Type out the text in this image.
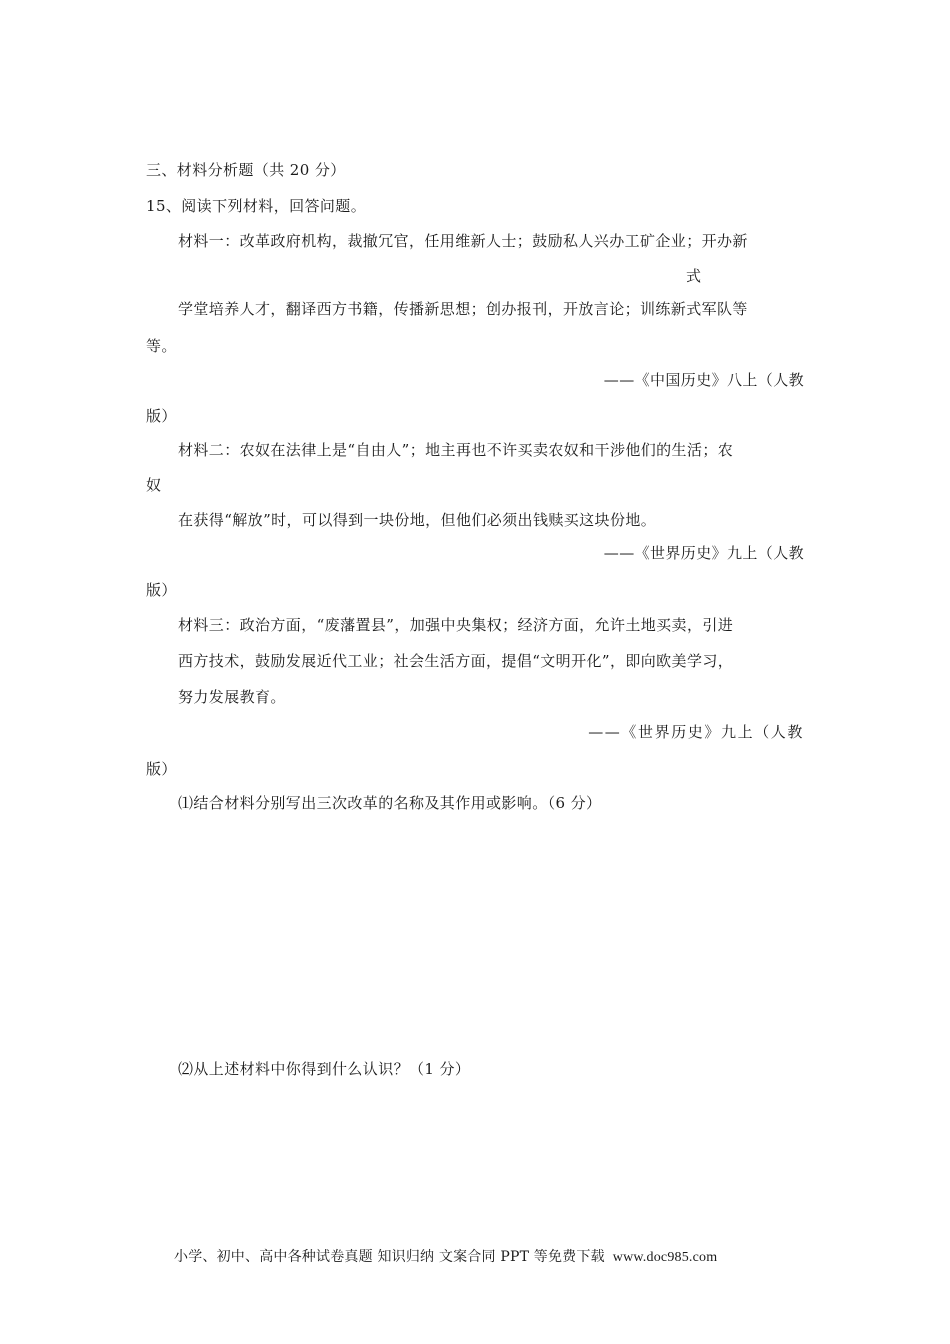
三、材料分析题（共 20 分）
15、阅读下列材料，回答问题。
材料一：改革政府机构，裁撤冗官，任用维新人士；鼓励私人兴办工矿企业；开办新
式
学堂培养人才，翻译西方书籍，传播新思想；创办报刊，开放言论；训练新式军队等
等。
——《中国历史》八上（人教
版）
材料二：农奴在法律上是“自由人”；地主再也不许买卖农奴和干涉他们的生活；农
奴
在获得“解放”时，可以得到一块份地，但他们必须出钱赎买这块份地。
——《世界历史》九上（人教
版）
材料三：政治方面，“废藩置县”，加强中央集权；经济方面，允许土地买卖，引进
西方技术，鼓励发展近代工业；社会生活方面，提倡“文明开化”，即向欧美学习，
努力发展教育。
——《世界历史》九上（人教
版）
⑴结合材料分别写出三次改革的名称及其作用或影响。（6 分）
⑵从上述材料中你得到什么认识？（1 分）
小学、初中、高中各种试卷真题 知识归纳 文案合同 PPT 等免费下载 www.doc985.com
